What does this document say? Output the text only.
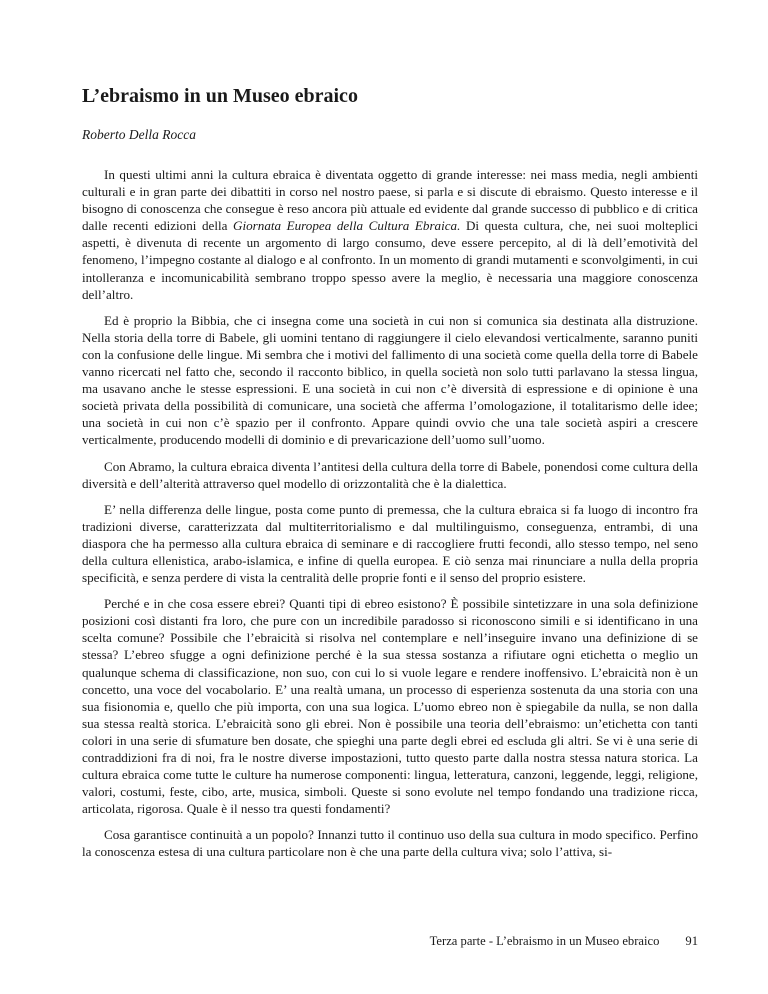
L’ebraismo in un Museo ebraico

Roberto Della Rocca

In questi ultimi anni la cultura ebraica è diventata oggetto di grande interesse: nei mass media, negli ambienti culturali e in gran parte dei dibattiti in corso nel nostro paese, si parla e si discute di ebraismo. Questo interesse e il bisogno di conoscenza che consegue è reso ancora più attuale ed evidente dal grande successo di pubblico e di critica dalle recenti edizioni della Giornata Europea della Cultura Ebraica. Di questa cultura, che, nei suoi molteplici aspetti, è divenuta di recente un argomento di largo consumo, deve essere percepito, al di là dell’emotività del fenomeno, l’impegno costante al dialogo e al confronto. In un momento di grandi mutamenti e sconvolgimenti, in cui intolleranza e incomunicabilità sembrano troppo spesso avere la meglio, è necessaria una maggiore conoscenza dell’altro.

Ed è proprio la Bibbia, che ci insegna come una società in cui non si comunica sia destinata alla distruzione. Nella storia della torre di Babele, gli uomini tentano di raggiungere il cielo elevandosi verticalmente, saranno puniti con la confusione delle lingue. Mi sembra che i motivi del fallimento di una società come quella della torre di Babele vanno ricercati nel fatto che, secondo il racconto biblico, in quella società non solo tutti parlavano la stessa lingua, ma usavano anche le stesse espressioni. E una società in cui non c’è diversità di espressione e di opinione è una società privata della possibilità di comunicare, una società che afferma l’omologazione, il totalitarismo delle idee; una società in cui non c’è spazio per il confronto. Appare quindi ovvio che una tale società aspiri a crescere verticalmente, producendo modelli di dominio e di prevaricazione dell’uomo sull’uomo.

Con Abramo, la cultura ebraica diventa l’antitesi della cultura della torre di Babele, ponendosi come cultura della diversità e dell’alterità attraverso quel modello di orizzontalità che è la dialettica.

E’ nella differenza delle lingue, posta come punto di premessa, che la cultura ebraica si fa luogo di incontro fra tradizioni diverse, caratterizzata dal multiterritorialismo e dal multilinguismo, conseguenza, entrambi, di una diaspora che ha permesso alla cultura ebraica di seminare e di raccogliere frutti fecondi, allo stesso tempo, nel seno della cultura ellenistica, arabo-islamica, e infine di quella europea. E ciò senza mai rinunciare a nulla della propria specificità, e senza perdere di vista la centralità delle proprie fonti e il senso del proprio esistere.

Perché e in che cosa essere ebrei? Quanti tipi di ebreo esistono? È possibile sintetizzare in una sola definizione posizioni così distanti fra loro, che pure con un incredibile paradosso si riconoscono simili e si identificano in una scelta comune? Possibile che l’ebraicità si risolva nel contemplare e nell’inseguire invano una definizione di se stessa? L’ebreo sfugge a ogni definizione perché è la sua stessa sostanza a rifiutare ogni etichetta o meglio un qualunque schema di classificazione, non suo, con cui lo si vuole legare e rendere inoffensivo. L’ebraicità non è un concetto, una voce del vocabolario. E’ una realtà umana, un processo di esperienza sostenuta da una storia con una sua fisionomia e, quello che più importa, con una sua logica. L’uomo ebreo non è spiegabile da nulla, se non dalla sua stessa realtà storica. L’ebraicità sono gli ebrei. Non è possibile una teoria dell’ebraismo: un’etichetta con tanti colori in una serie di sfumature ben dosate, che spieghi una parte degli ebrei ed escluda gli altri. Se vi è una serie di contraddizioni fra di noi, fra le nostre diverse impostazioni, tutto questo parte dalla nostra stessa natura storica. La cultura ebraica come tutte le culture ha numerose componenti: lingua, letteratura, canzoni, leggende, leggi, religione, valori, costumi, feste, cibo, arte, musica, simboli. Queste si sono evolute nel tempo fondando una tradizione ricca, articolata, rigorosa. Quale è il nesso tra questi fondamenti?

Cosa garantisce continuità a un popolo? Innanzi tutto il continuo uso della sua cultura in modo specifico. Perfino la conoscenza estesa di una cultura particolare non è che una parte della cultura viva; solo l’attiva, si-

Terza parte - L’ebraismo in un Museo ebraico 91
